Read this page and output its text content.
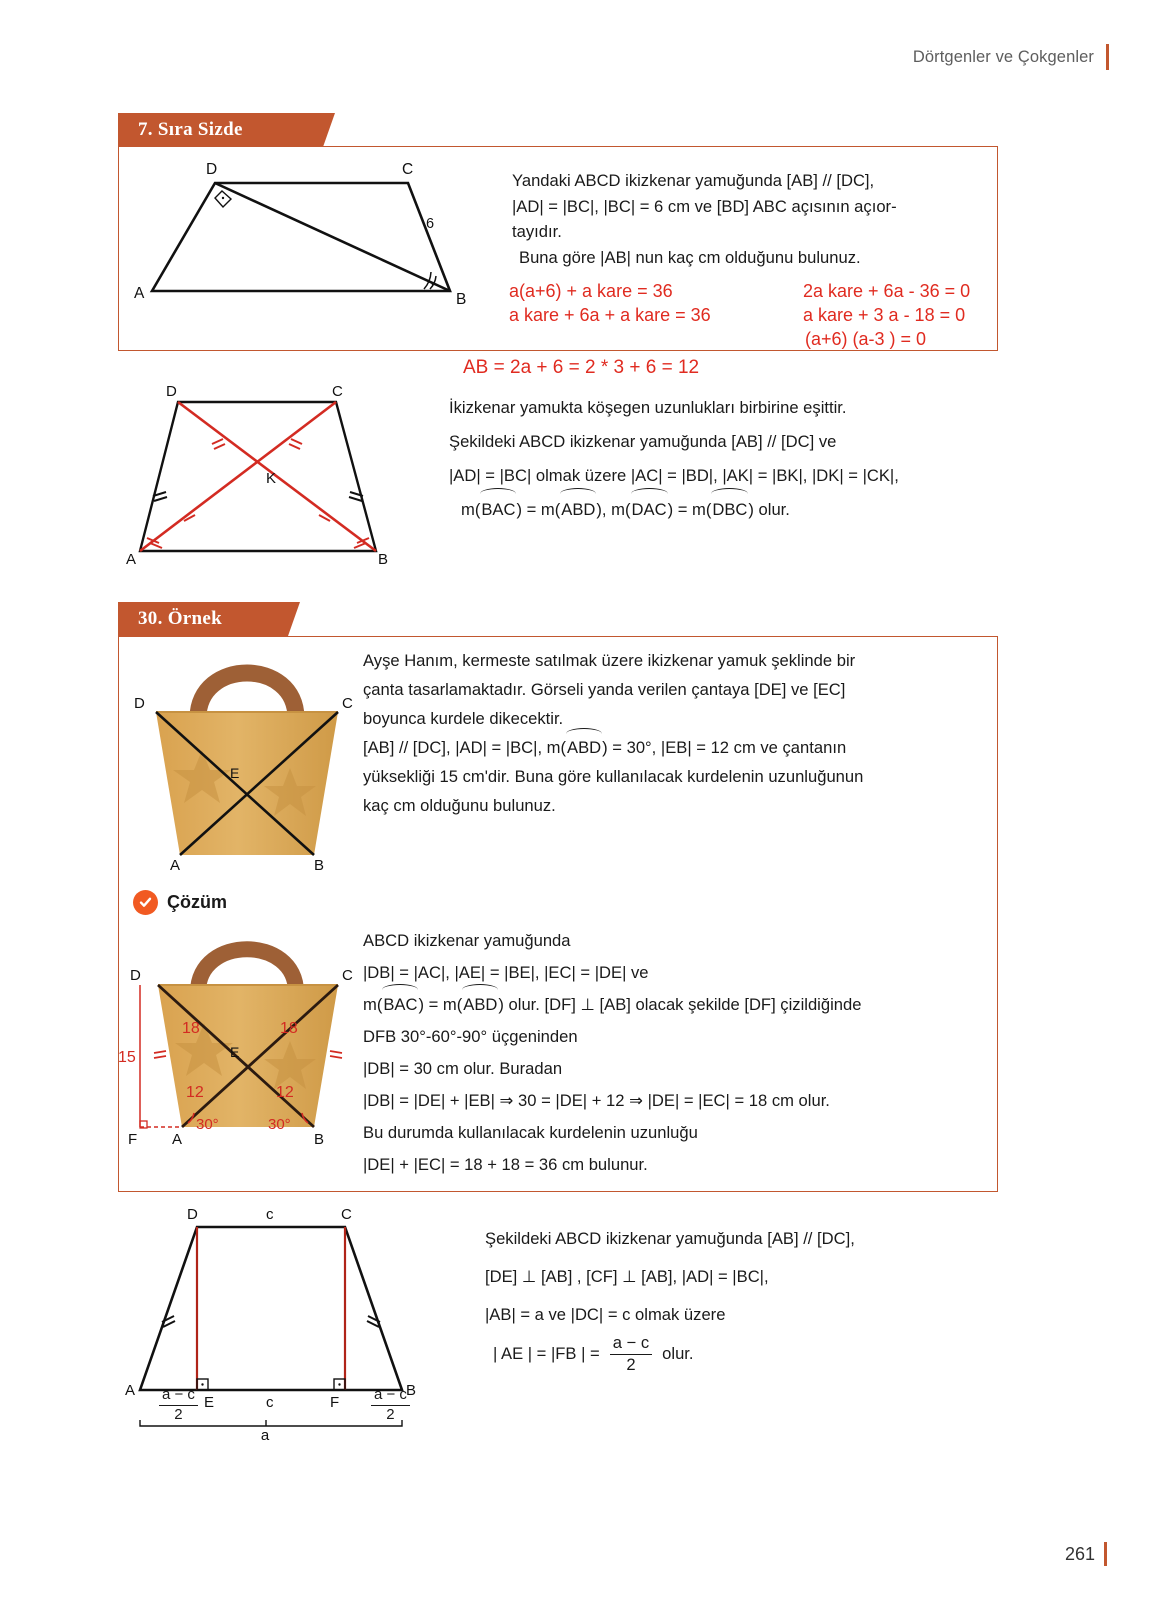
Dörtgenler ve Çokgenler
7. Sıra Sizde
D	C
A	B
6
Yandaki ABCD ikizkenar yamuğunda [AB] // [DC],
|AD| = |BC|, |BC| = 6 cm ve [BD] ABC açısının açıor-
tayıdır.
Buna göre |AB| nun kaç cm olduğunu bulunuz.
a(a+6) + a kare = 36
a kare + 6a + a kare = 36
2a kare + 6a - 36 = 0
a kare + 3 a - 18 = 0
(a+6) (a-3 ) = 0
AB = 2a + 6 = 2 * 3 + 6 = 12
D	C
A	B
K
İkizkenar yamukta köşegen uzunlukları birbirine eşittir.
Şekildeki ABCD ikizkenar yamuğunda [AB] // [DC] ve
|AD| = |BC| olmak üzere |AC| = |BD|, |AK| = |BK|, |DK| = |CK|,
m(BAC) = m(ABD), m(DAC) = m(DBC) olur.
30. Örnek
D	C
A	B
E
Ayşe Hanım, kermeste satılmak üzere ikizkenar yamuk şeklinde bir
çanta tasarlamaktadır. Görseli yanda verilen çantaya [DE] ve [EC]
boyunca kurdele dikecektir.
[AB] // [DC], |AD| = |BC|, m(ABD) = 30°, |EB| = 12 cm ve çantanın
yüksekliği 15 cm'dir. Buna göre kullanılacak kurdelenin uzunluğunun
kaç cm olduğunu bulunuz.
Çözüm
D	C
A	B
E
F
15
18	18
12	12
30°	30°
ABCD ikizkenar yamuğunda
|DB| = |AC|, |AE| = |BE|, |EC| = |DE| ve
m(BAC) = m(ABD) olur. [DF] ⊥ [AB] olacak şekilde [DF] çizildiğinde
DFB 30°-60°-90° üçgeninden
|DB| = 30 cm olur. Buradan
|DB| = |DE| + |EB| ⇒ 30 = |DE| + 12 ⇒ |DE| = |EC| = 18 cm olur.
Bu durumda kullanılacak kurdelenin uzunluğu
|DE| + |EC| = 18 + 18 = 36 cm bulunur.
D	C
A	B
E	F
c
c
a
$\frac{a - c}{2}$	$\frac{a - c}{2}$
Şekildeki ABCD ikizkenar yamuğunda [AB] // [DC],
[DE] ⊥ [AB] , [CF] ⊥ [AB], |AD| = |BC|,
|AB| = a ve |DC| = c olmak üzere
| AE | = |FB | = $\frac{a - c}{2}$ olur.
261
